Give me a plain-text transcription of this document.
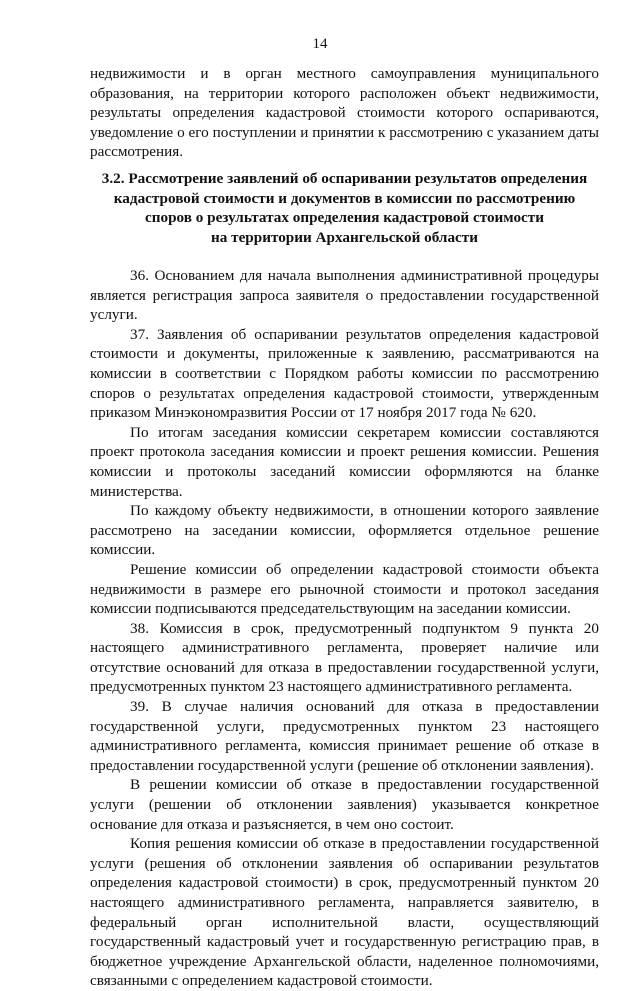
14

недвижимости и в орган местного самоуправления муниципального образования, на территории которого расположен объект недвижимости, результаты определения кадастровой стоимости которого оспариваются, уведомление о его поступлении и принятии к рассмотрению с указанием даты рассмотрения.

3.2. Рассмотрение заявлений об оспаривании результатов определения
кадастровой стоимости и документов в комиссии по рассмотрению
споров о результатах определения кадастровой стоимости
на территории Архангельской области

36. Основанием для начала выполнения административной процедуры является регистрация запроса заявителя о предоставлении государственной услуги.

37. Заявления об оспаривании результатов определения кадастровой стоимости и документы, приложенные к заявлению, рассматриваются на комиссии в соответствии с Порядком работы комиссии по рассмотрению споров о результатах определения кадастровой стоимости, утвержденным приказом Минэкономразвития России от 17 ноября 2017 года № 620.

По итогам заседания комиссии секретарем комиссии составляются проект протокола заседания комиссии и проект решения комиссии. Решения комиссии и протоколы заседаний комиссии оформляются на бланке министерства.

По каждому объекту недвижимости, в отношении которого заявление рассмотрено на заседании комиссии, оформляется отдельное решение комиссии.

Решение комиссии об определении кадастровой стоимости объекта недвижимости в размере его рыночной стоимости и протокол заседания комиссии подписываются председательствующим на заседании комиссии.

38. Комиссия в срок, предусмотренный подпунктом 9 пункта 20 настоящего административного регламента, проверяет наличие или отсутствие оснований для отказа в предоставлении государственной услуги, предусмотренных пунктом 23 настоящего административного регламента.

39. В случае наличия оснований для отказа в предоставлении государственной услуги, предусмотренных пунктом 23 настоящего административного регламента, комиссия принимает решение об отказе в предоставлении государственной услуги (решение об отклонении заявления).

В решении комиссии об отказе в предоставлении государственной услуги (решении об отклонении заявления) указывается конкретное основание для отказа и разъясняется, в чем оно состоит.

Копия решения комиссии об отказе в предоставлении государственной услуги (решения об отклонении заявления об оспаривании результатов определения кадастровой стоимости) в срок, предусмотренный пунктом 20 настоящего административного регламента, направляется заявителю, в федеральный орган исполнительной власти, осуществляющий государственный кадастровый учет и государственную регистрацию прав, в бюджетное учреждение Архангельской области, наделенное полномочиями, связанными с определением кадастровой стоимости.
